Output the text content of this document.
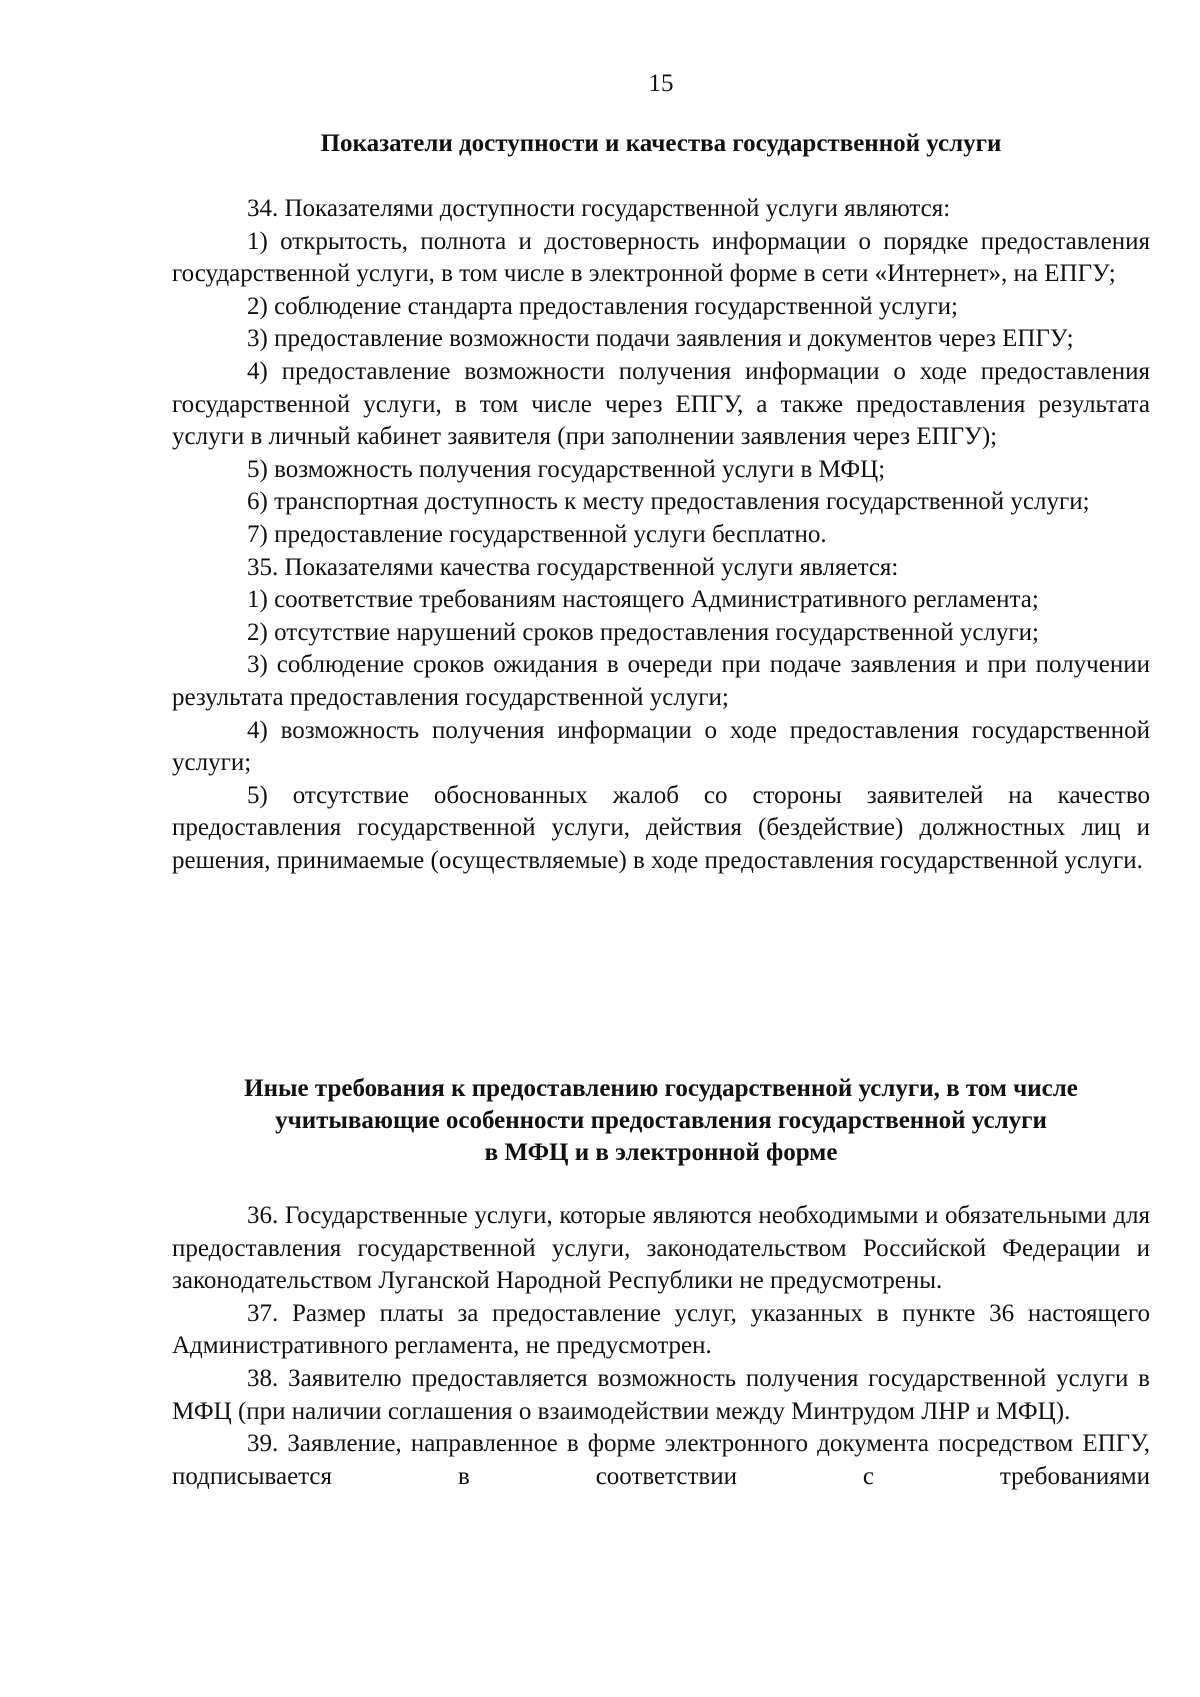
15
Показатели доступности и качества государственной услуги

34. Показателями доступности государственной услуги являются:

1) открытость, полнота и достоверность информации о порядке предоставления государственной услуги, в том числе в электронной форме в сети «Интернет», на ЕПГУ;

2) соблюдение стандарта предоставления государственной услуги;

3) предоставление возможности подачи заявления и документов через ЕПГУ;

4) предоставление возможности получения информации о ходе предоставления государственной услуги, в том числе через ЕПГУ, а также предоставления результата услуги в личный кабинет заявителя (при заполнении заявления через ЕПГУ);

5) возможность получения государственной услуги в МФЦ;

6) транспортная доступность к месту предоставления государственной услуги;

7) предоставление государственной услуги бесплатно.

35. Показателями качества государственной услуги является:

1) соответствие требованиям настоящего Административного регламента;

2) отсутствие нарушений сроков предоставления государственной услуги;

3) соблюдение сроков ожидания в очереди при подаче заявления и при получении результата предоставления государственной услуги;

4) возможность получения информации о ходе предоставления государственной услуги;

5) отсутствие обоснованных жалоб со стороны заявителей на качество предоставления государственной услуги, действия (бездействие) должностных лиц и решения, принимаемые (осуществляемые) в ходе предоставления государственной услуги.

Иные требования к предоставлению государственной услуги, в том числе
учитывающие особенности предоставления государственной услуги
в МФЦ и в электронной форме

36. Государственные услуги, которые являются необходимыми и обязательными для предоставления государственной услуги, законодательством Российской Федерации и законодательством Луганской Народной Республики не предусмотрены.

37. Размер платы за предоставление услуг, указанных в пункте 36 настоящего Административного регламента, не предусмотрен.

38. Заявителю предоставляется возможность получения государственной услуги в МФЦ (при наличии соглашения о взаимодействии между Минтрудом ЛНР и МФЦ).

39. Заявление, направленное в форме электронного документа посредством ЕПГУ, подписывается в соответствии с требованиями
